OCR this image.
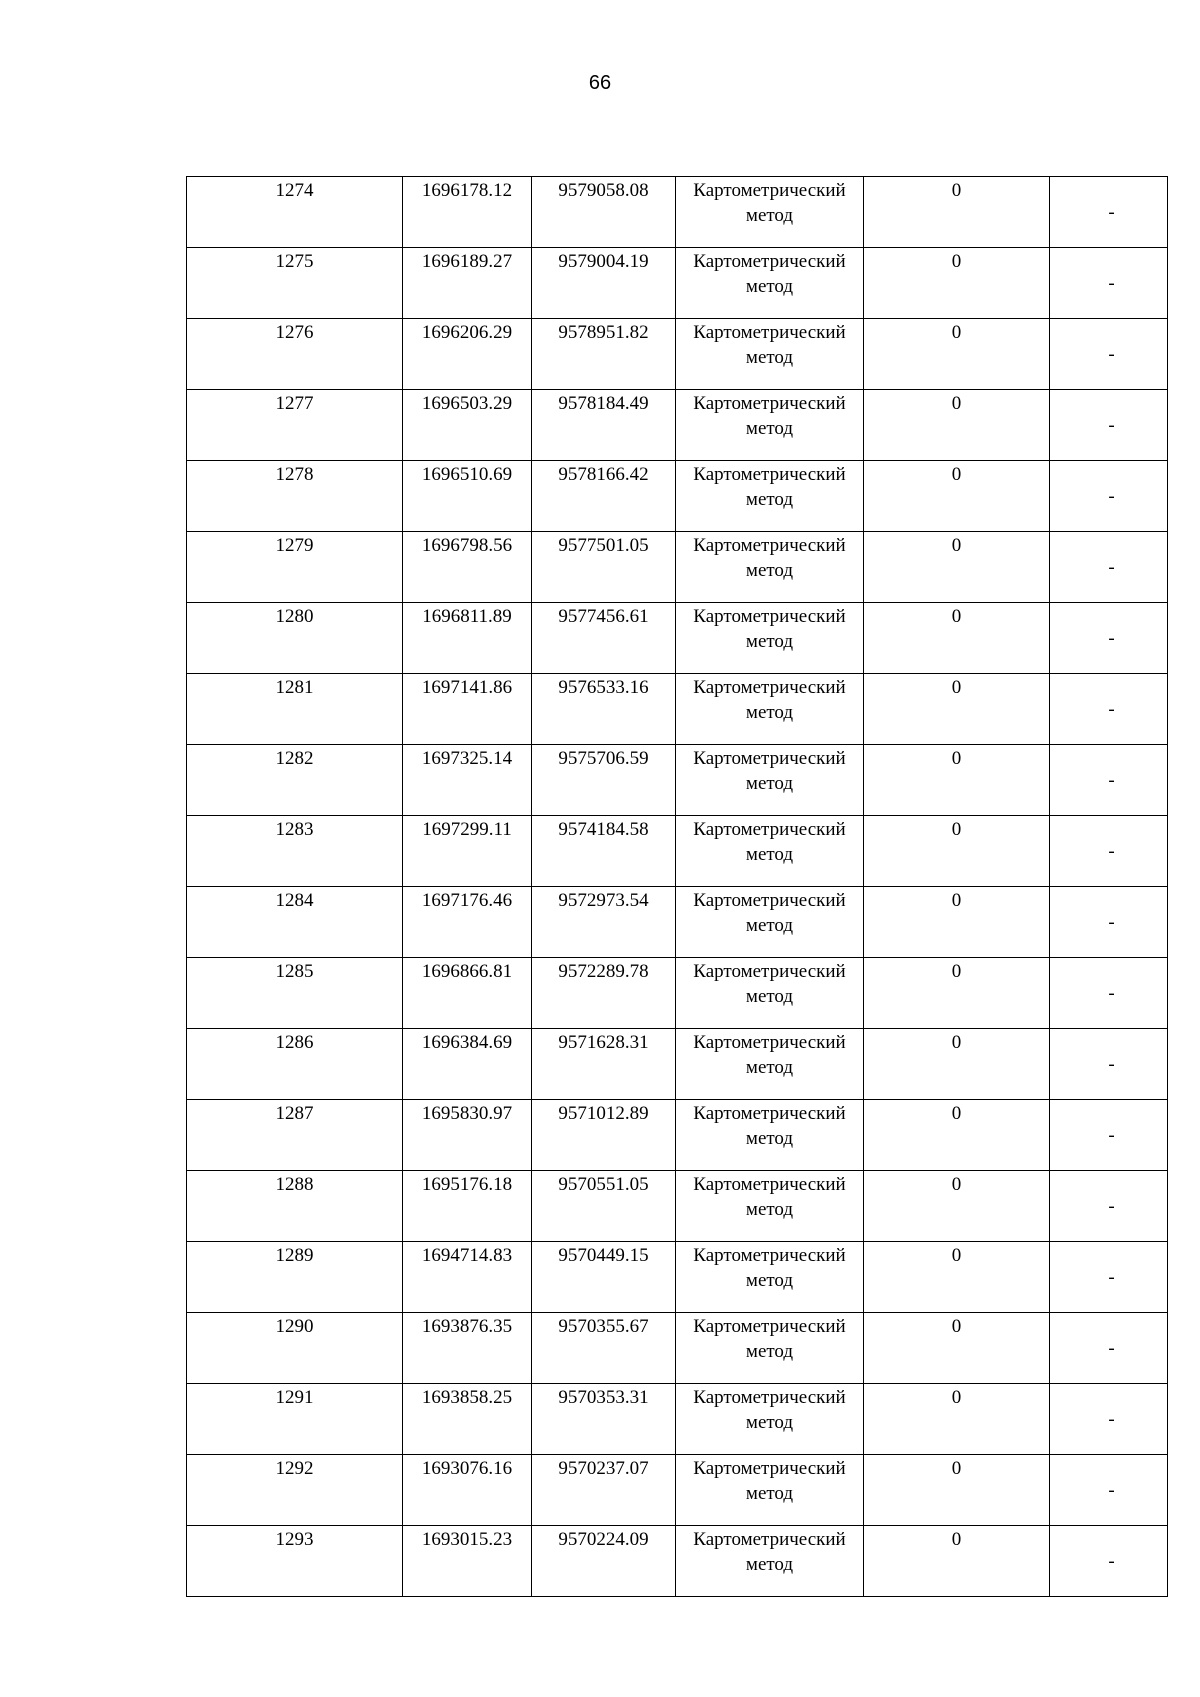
66
1274	1696178.12	9579058.08	Картометрический
метод	0	-

1275	1696189.27	9579004.19	Картометрический
метод	0	-

1276	1696206.29	9578951.82	Картометрический
метод	0	-

1277	1696503.29	9578184.49	Картометрический
метод	0	-

1278	1696510.69	9578166.42	Картометрический
метод	0	-

1279	1696798.56	9577501.05	Картометрический
метод	0	-

1280	1696811.89	9577456.61	Картометрический
метод	0	-

1281	1697141.86	9576533.16	Картометрический
метод	0	-

1282	1697325.14	9575706.59	Картометрический
метод	0	-

1283	1697299.11	9574184.58	Картометрический
метод	0	-

1284	1697176.46	9572973.54	Картометрический
метод	0	-

1285	1696866.81	9572289.78	Картометрический
метод	0	-

1286	1696384.69	9571628.31	Картометрический
метод	0	-

1287	1695830.97	9571012.89	Картометрический
метод	0	-

1288	1695176.18	9570551.05	Картометрический
метод	0	-

1289	1694714.83	9570449.15	Картометрический
метод	0	-

1290	1693876.35	9570355.67	Картометрический
метод	0	-

1291	1693858.25	9570353.31	Картометрический
метод	0	-

1292	1693076.16	9570237.07	Картометрический
метод	0	-

1293	1693015.23	9570224.09	Картометрический
метод	0	-
